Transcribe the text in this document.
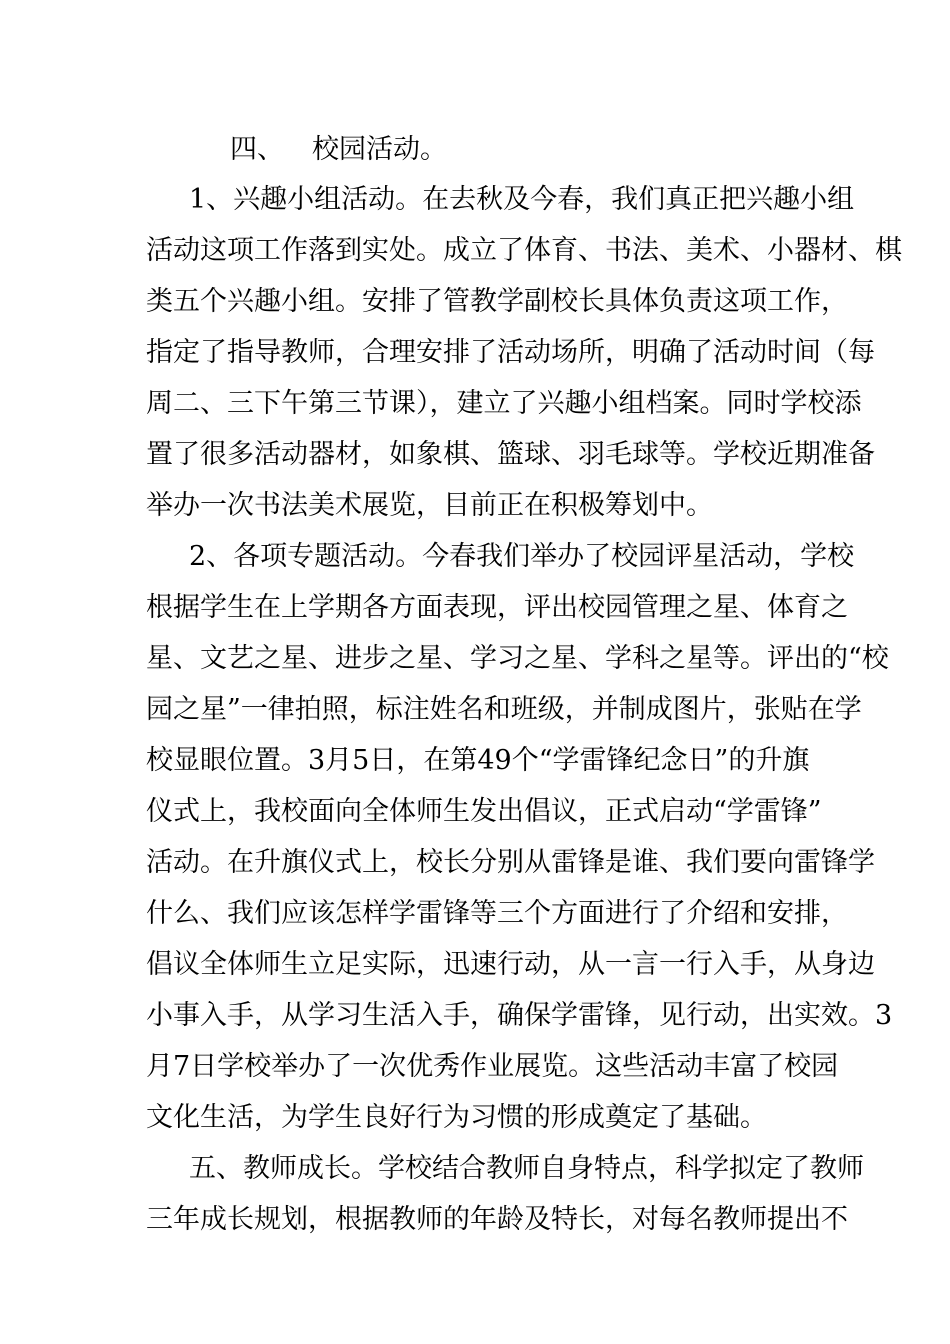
四、 校园活动。
1、兴趣小组活动。在去秋及今春，我们真正把兴趣小组
活动这项工作落到实处。成立了体育、书法、美术、小器材、棋
类五个兴趣小组。安排了管教学副校长具体负责这项工作，
指定了指导教师，合理安排了活动场所，明确了活动时间（每
周二、三下午第三节课），建立了兴趣小组档案。同时学校添
置了很多活动器材，如象棋、篮球、羽毛球等。学校近期准备
举办一次书法美术展览，目前正在积极筹划中。
2、各项专题活动。今春我们举办了校园评星活动，学校
根据学生在上学期各方面表现，评出校园管理之星、体育之
星、文艺之星、进步之星、学习之星、学科之星等。评出的“校
园之星”一律拍照，标注姓名和班级，并制成图片，张贴在学
校显眼位置。3月5日，在第49个“学雷锋纪念日”的升旗
仪式上，我校面向全体师生发出倡议，正式启动“学雷锋”
活动。在升旗仪式上，校长分别从雷锋是谁、我们要向雷锋学
什么、我们应该怎样学雷锋等三个方面进行了介绍和安排，
倡议全体师生立足实际，迅速行动，从一言一行入手，从身边
小事入手，从学习生活入手，确保学雷锋，见行动，出实效。3
月7日学校举办了一次优秀作业展览。这些活动丰富了校园
文化生活，为学生良好行为习惯的形成奠定了基础。
五、教师成长。学校结合教师自身特点，科学拟定了教师
三年成长规划，根据教师的年龄及特长，对每名教师提出不
